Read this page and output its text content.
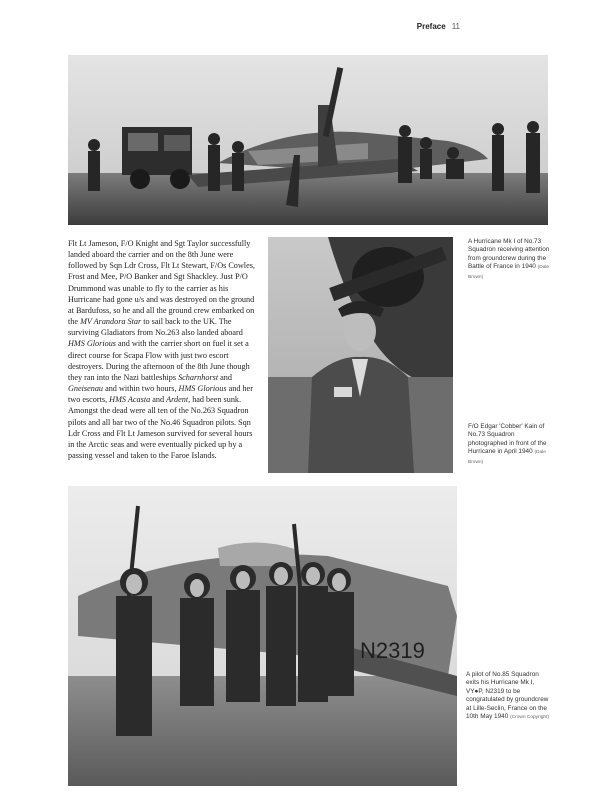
Preface 11
Flt Lt Jameson, F/O Knight and Sgt Taylor successfully landed aboard the carrier and on the 8th June were followed by Sqn Ldr Cross, Flt Lt Stewart, F/Os Cowles, Frost and Mee, P/O Banker and Sgt Shackley. Just P/O Drummond was unable to fly to the carrier as his Hurricane had gone u/s and was destroyed on the ground at Bardufoss, so he and all the ground crew embarked on the MV Arandora Star to sail back to the UK. The surviving Gladiators from No.263 also landed aboard HMS Glorious and with the carrier short on fuel it set a direct course for Scapa Flow with just two escort destroyers. During the afternoon of the 8th June though they ran into the Nazi battleships Scharnhorst and Gneisenau and within two hours, HMS Glorious and her two escorts, HMS Acasta and Ardent, had been sunk. Amongst the dead were all ten of the No.263 Squadron pilots and all bar two of the No.46 Squadron pilots. Sqn Ldr Cross and Flt Lt Jameson survived for several hours in the Arctic seas and were eventually picked up by a passing vessel and taken to the Faroe Islands.
N2319
A Hurricane Mk I of No.73 Squadron receiving attention from groundcrew during the Battle of France in 1940 (Dale Brown)
F/O Edgar 'Cobber' Kain of No.73 Squadron photographed in front of the Hurricane in April 1940 (Dale Brown)
A pilot of No.85 Squadron exits his Hurricane Mk I, VY●P, N2319 to be congratulated by groundcrew at Lille-Seclin, France on the 10th May 1940 (Crown Copyright)
